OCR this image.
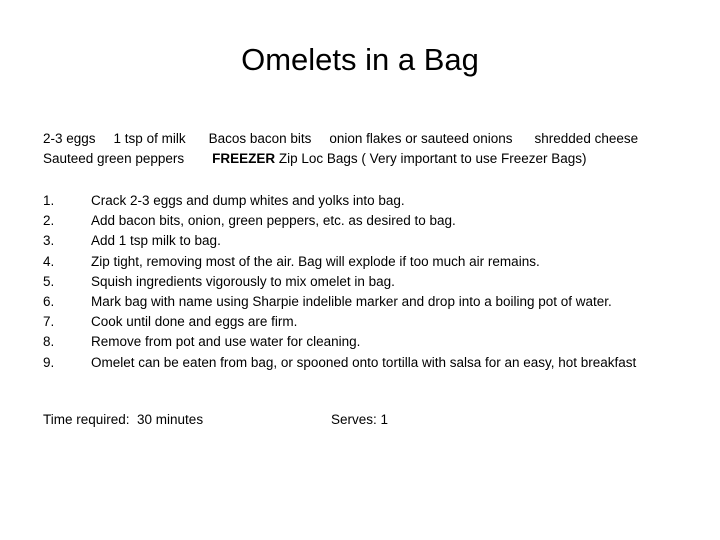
Omelets in a Bag
2-3 eggs 1 tsp of milk Bacos bacon bits onion flakes or sauteed onions shredded cheese
Sauteed green peppers FREEZER Zip Loc Bags ( Very important to use Freezer Bags)
1.	Crack 2-3 eggs and dump whites and yolks into bag.
2.	Add bacon bits, onion, green peppers, etc. as desired to bag.
3.	Add 1 tsp milk to bag.
4.	Zip tight, removing most of the air. Bag will explode if too much air remains.
5.	Squish ingredients vigorously to mix omelet in bag.
6.	Mark bag with name using Sharpie indelible marker and drop into a boiling pot of water.
7.	Cook until done and eggs are firm.
8.	Remove from pot and use water for cleaning.
9.	Omelet can be eaten from bag, or spooned onto tortilla with salsa for an easy, hot breakfast
Time required:  30 minutes	Serves: 1
